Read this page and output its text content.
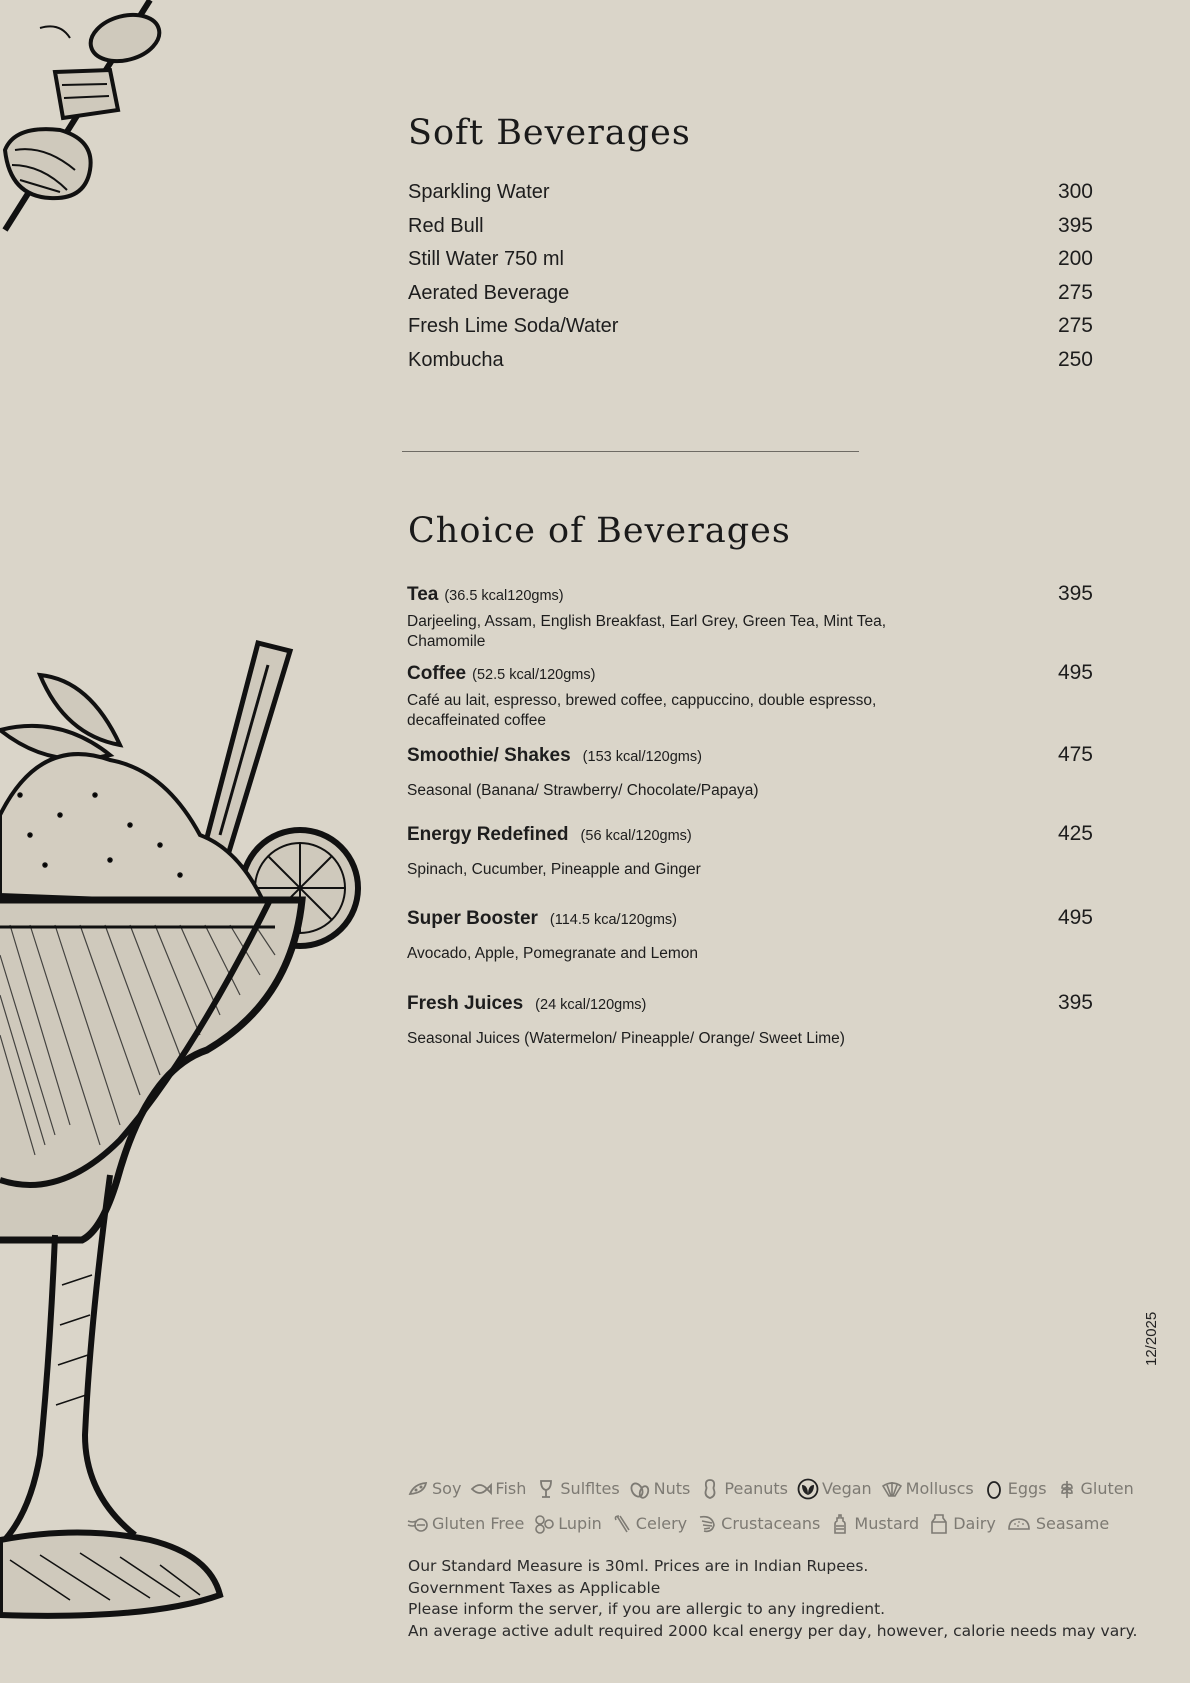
Soft Beverages
Sparkling Water	300
Red Bull	395
Still Water 750 ml	200
Aerated Beverage	275
Fresh Lime Soda/Water	275
Kombucha	250
Choice of Beverages
Tea (36.5 kcal120gms)	395
Darjeeling, Assam, English Breakfast, Earl Grey, Green Tea, Mint Tea, Chamomile
Coffee (52.5 kcal/120gms)	495
Café au lait, espresso, brewed coffee, cappuccino, double espresso, decaffeinated coffee
Smoothie/ Shakes (153 kcal/120gms)	475
Seasonal (Banana/ Strawberry/ Chocolate/Papaya)
Energy Redefined (56 kcal/120gms)	425
Spinach, Cucumber, Pineapple and Ginger
Super Booster (114.5 kca/120gms)	495
Avocado, Apple, Pomegranate and Lemon
Fresh Juices (24 kcal/120gms)	395
Seasonal Juices (Watermelon/ Pineapple/ Orange/ Sweet Lime)
12/2025
Soy Fish Sulfltes Nuts Peanuts Vegan Molluscs Eggs Gluten
Gluten Free Lupin Celery Crustaceans Mustard Dairy	Seasame
Our Standard Measure is 30ml. Prices are in Indian Rupees.
Government Taxes as Applicable
Please inform the server, if you are allergic to any ingredient.
An average active adult required 2000 kcal energy per day, however, calorie needs may vary.
